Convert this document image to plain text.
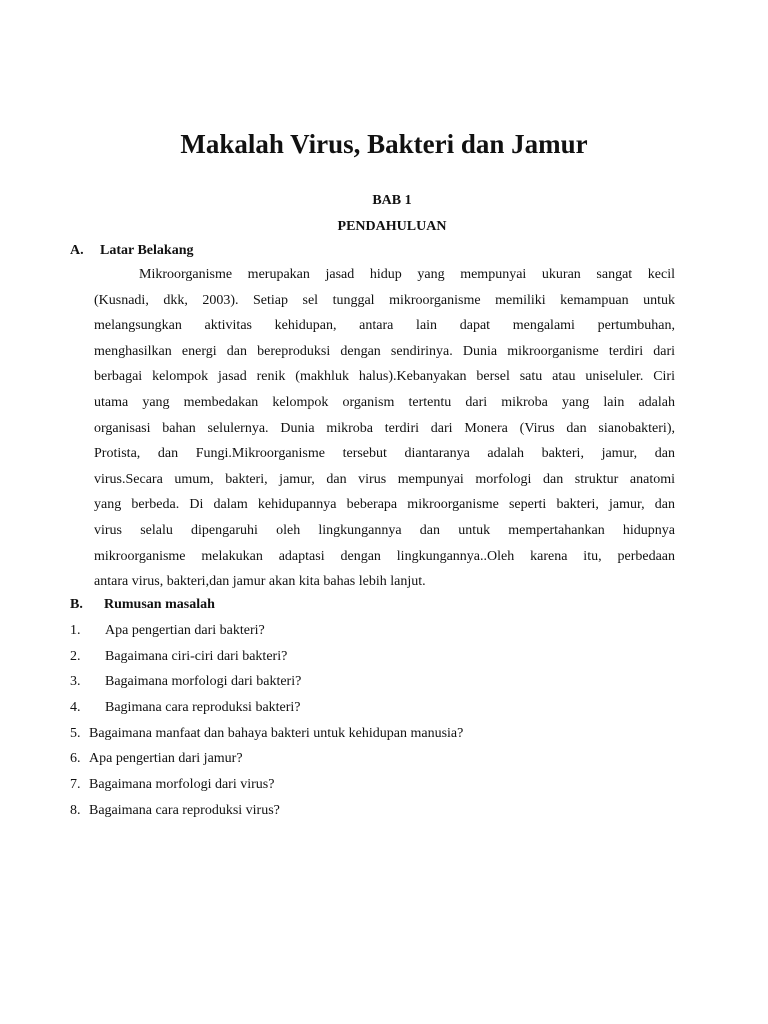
Makalah Virus, Bakteri dan Jamur
BAB 1
PENDAHULUAN
A. Latar Belakang
Mikroorganisme merupakan jasad hidup yang mempunyai ukuran sangat kecil
(Kusnadi, dkk, 2003). Setiap sel tunggal mikroorganisme memiliki kemampuan untuk
melangsungkan aktivitas kehidupan, antara lain dapat mengalami pertumbuhan,
menghasilkan energi dan bereproduksi dengan sendirinya. Dunia mikroorganisme terdiri dari
berbagai kelompok jasad renik (makhluk halus).Kebanyakan bersel satu atau uniseluler. Ciri
utama yang membedakan kelompok organism tertentu dari mikroba yang lain adalah
organisasi bahan selulernya. Dunia mikroba terdiri dari Monera (Virus dan sianobakteri),
Protista, dan Fungi.Mikroorganisme tersebut diantaranya adalah bakteri, jamur, dan
virus.Secara umum, bakteri, jamur, dan virus mempunyai morfologi dan struktur anatomi
yang berbeda. Di dalam kehidupannya beberapa mikroorganisme seperti bakteri, jamur, dan
virus selalu dipengaruhi oleh lingkungannya dan untuk mempertahankan hidupnya
mikroorganisme melakukan adaptasi dengan lingkungannya..Oleh karena itu, perbedaan
antara virus, bakteri,dan jamur akan kita bahas lebih lanjut.
B. Rumusan masalah
1. Apa pengertian dari bakteri?
2. Bagaimana ciri-ciri dari bakteri?
3. Bagaimana morfologi dari bakteri?
4. Bagimana cara reproduksi bakteri?
5. Bagaimana manfaat dan bahaya bakteri untuk kehidupan manusia?
6. Apa pengertian dari jamur?
7. Bagaimana morfologi dari virus?
8. Bagaimana cara reproduksi virus?
